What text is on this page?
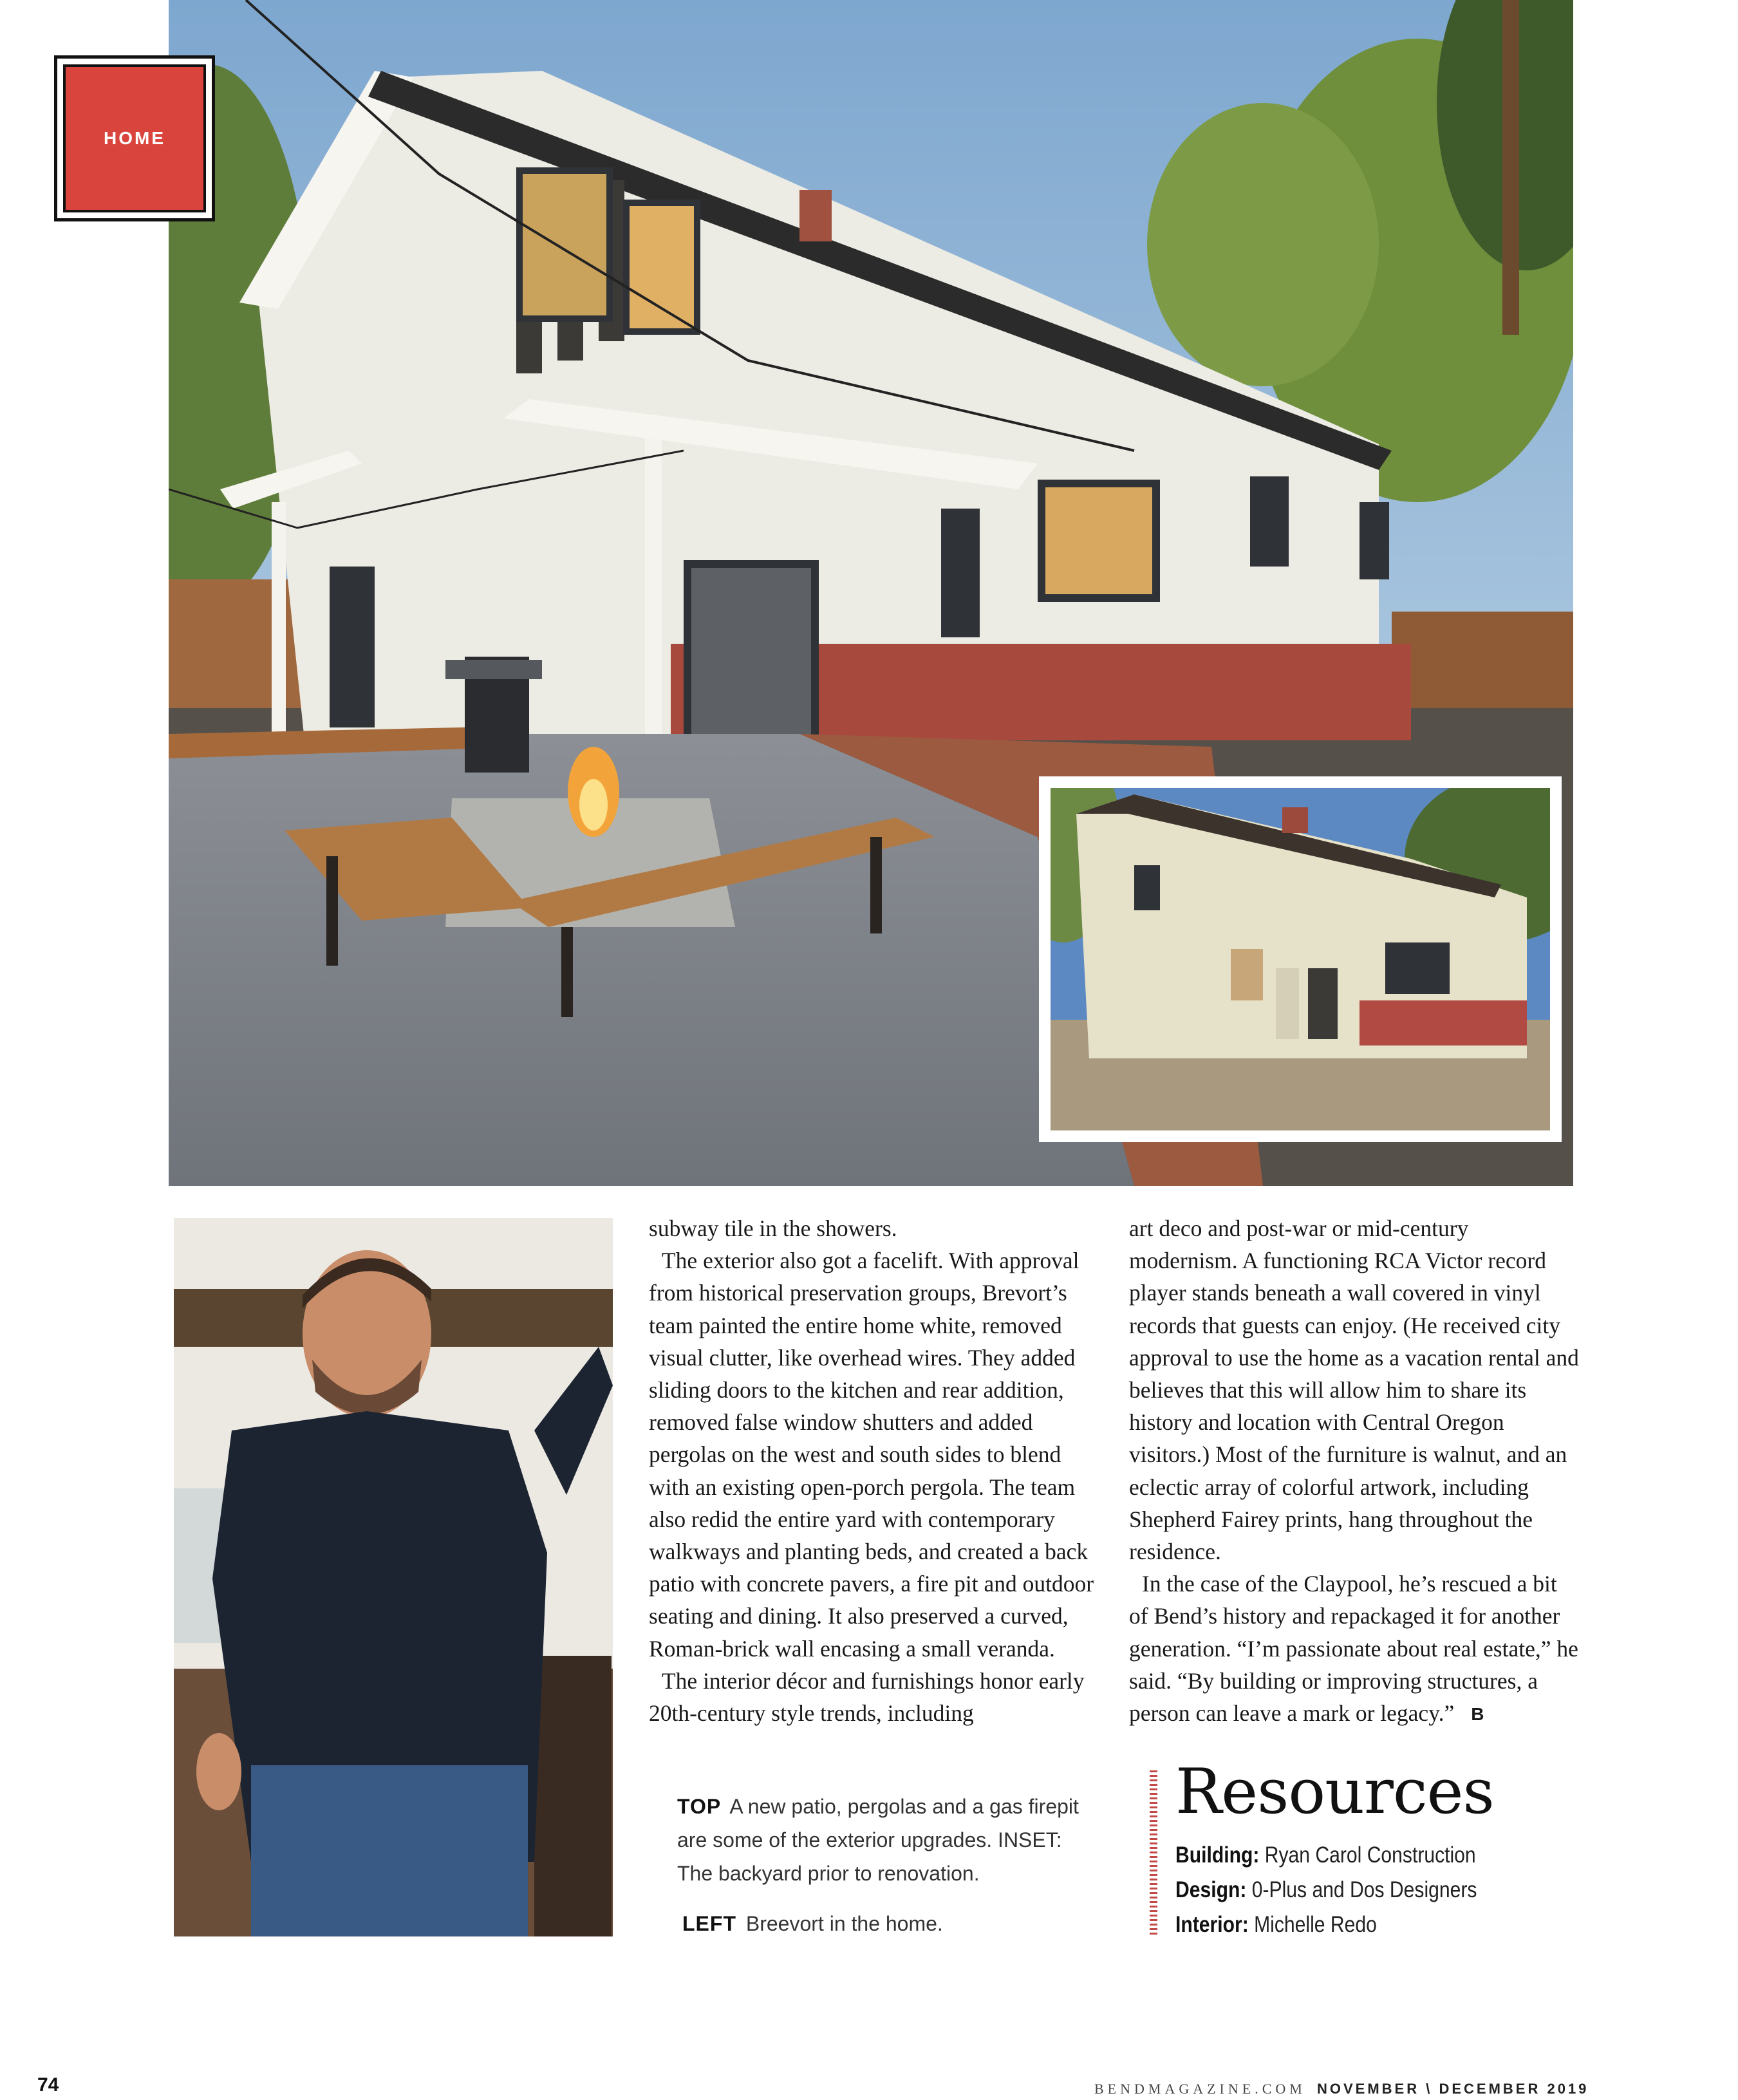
HOME

subway tile in the showers.

The exterior also got a facelift. With approval from historical preservation groups, Brevort’s team painted the entire home white, removed visual clutter, like overhead wires. They added sliding doors to the kitchen and rear addition, removed false window shutters and added pergolas on the west and south sides to blend with an existing open-porch pergola. The team also redid the entire yard with contemporary walkways and planting beds, and created a back patio with concrete pavers, a fire pit and outdoor seating and dining. It also preserved a curved, Roman-brick wall encasing a small veranda.

The interior décor and furnishings honor early 20th-century style trends, including

art deco and post-war or mid-century modernism. A functioning RCA Victor record player stands beneath a wall covered in vinyl records that guests can enjoy. (He received city approval to use the home as a vacation rental and believes that this will allow him to share its history and location with Central Oregon visitors.) Most of the furniture is walnut, and an eclectic array of colorful artwork, including Shepherd Fairey prints, hang throughout the residence.

In the case of the Claypool, he’s rescued a bit of Bend’s history and repackaged it for another generation. “I’m passionate about real estate,” he said. “By building or improving structures, a person can leave a mark or legacy.” B

TOP A new patio, pergolas and a gas firepit are some of the exterior upgrades. INSET: The backyard prior to renovation.
LEFT Breevort in the home.
Resources
Building: Ryan Carol Construction
Design: 0-Plus and Dos Designers
Interior: Michelle Redo
74	BENDMAGAZINE.COM NOVEMBER \ DECEMBER 2019
